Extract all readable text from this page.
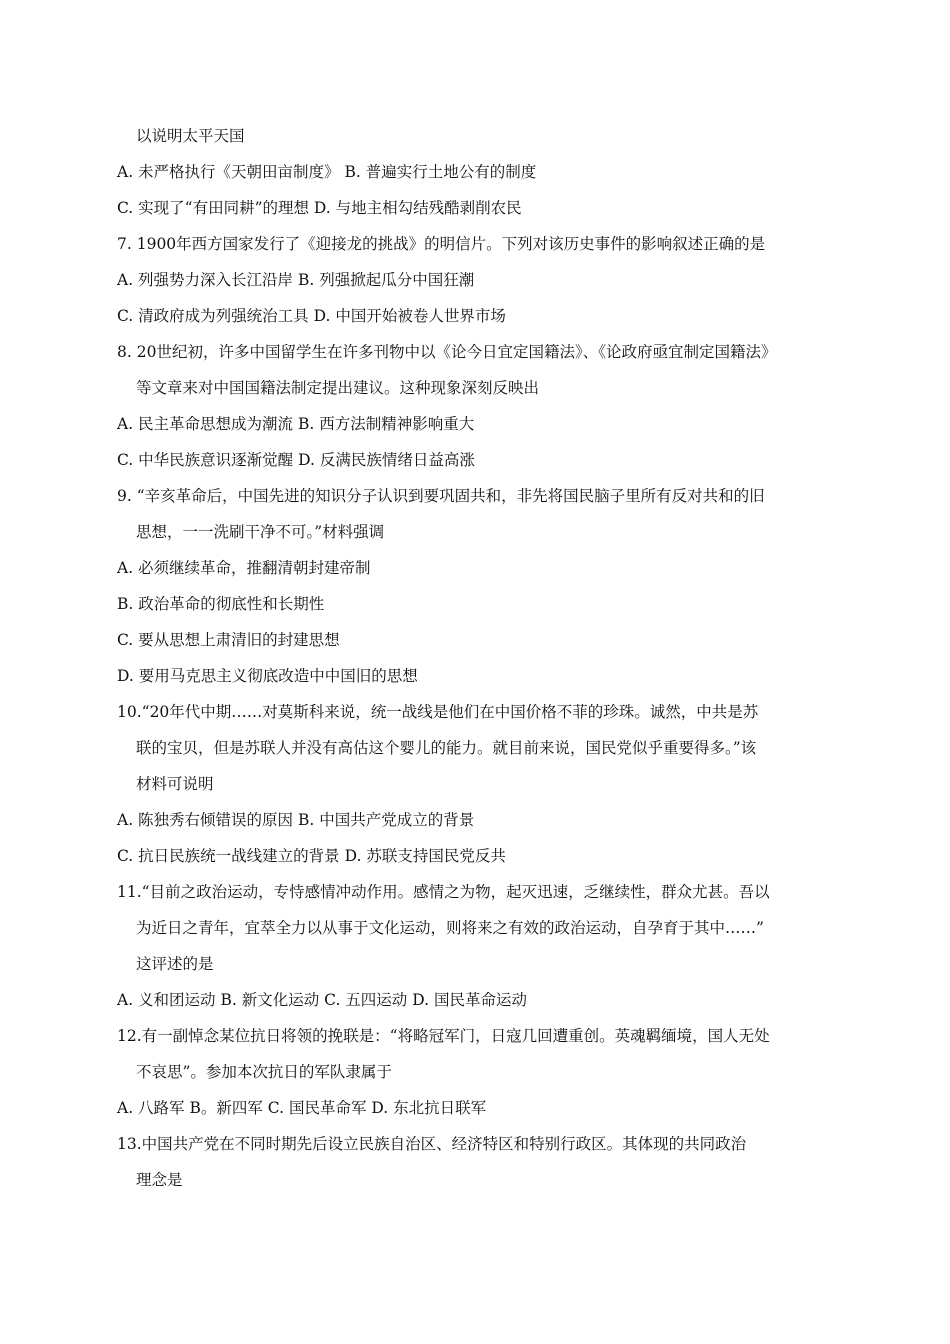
以说明太平天国
A. 未严格执行《天朝田亩制度》 B. 普遍实行土地公有的制度
C. 实现了“有田同耕”的理想 D. 与地主相勾结残酷剥削农民
7. 1900年西方国家发行了《迎接龙的挑战》的明信片。下列对该历史事件的影响叙述正确的是
A. 列强势力深入长江沿岸 B. 列强掀起瓜分中国狂潮
C. 清政府成为列强统治工具 D. 中国开始被卷人世界市场
8. 20世纪初，许多中国留学生在许多刊物中以《论今日宜定国籍法》、《论政府亟宜制定国籍法》
等文章来对中国国籍法制定提出建议。这种现象深刻反映出
A. 民主革命思想成为潮流 B. 西方法制精神影响重大
C. 中华民族意识逐渐觉醒 D. 反满民族情绪日益高涨
9. “辛亥革命后，中国先进的知识分子认识到要巩固共和，非先将国民脑子里所有反对共和的旧
思想，一一洗刷干净不可。”材料强调
A. 必须继续革命，推翻清朝封建帝制
B. 政治革命的彻底性和长期性
C. 要从思想上肃清旧的封建思想
D. 要用马克思主义彻底改造中中国旧的思想
10.“20年代中期……对莫斯科来说，统一战线是他们在中国价格不菲的珍珠。诚然，中共是苏
联的宝贝，但是苏联人并没有高估这个婴儿的能力。就目前来说，国民党似乎重要得多。”该
材料可说明
A. 陈独秀右倾错误的原因 B. 中国共产党成立的背景
C. 抗日民族统一战线建立的背景 D. 苏联支持国民党反共
11.“目前之政治运动，专恃感情冲动作用。感情之为物，起灭迅速，乏继续性，群众尤甚。吾以
为近日之青年，宜萃全力以从事于文化运动，则将来之有效的政治运动，自孕育于其中……”
这评述的是
A. 义和团运动 B. 新文化运动 C. 五四运动 D. 国民革命运动
12.有一副悼念某位抗日将领的挽联是：“将略冠军门，日寇几回遭重创。英魂羁缅境，国人无处
不哀思”。参加本次抗日的军队隶属于
A. 八路军 B。新四军 C. 国民革命军 D. 东北抗日联军
13.中国共产党在不同时期先后设立民族自治区、经济特区和特别行政区。其体现的共同政治
理念是
